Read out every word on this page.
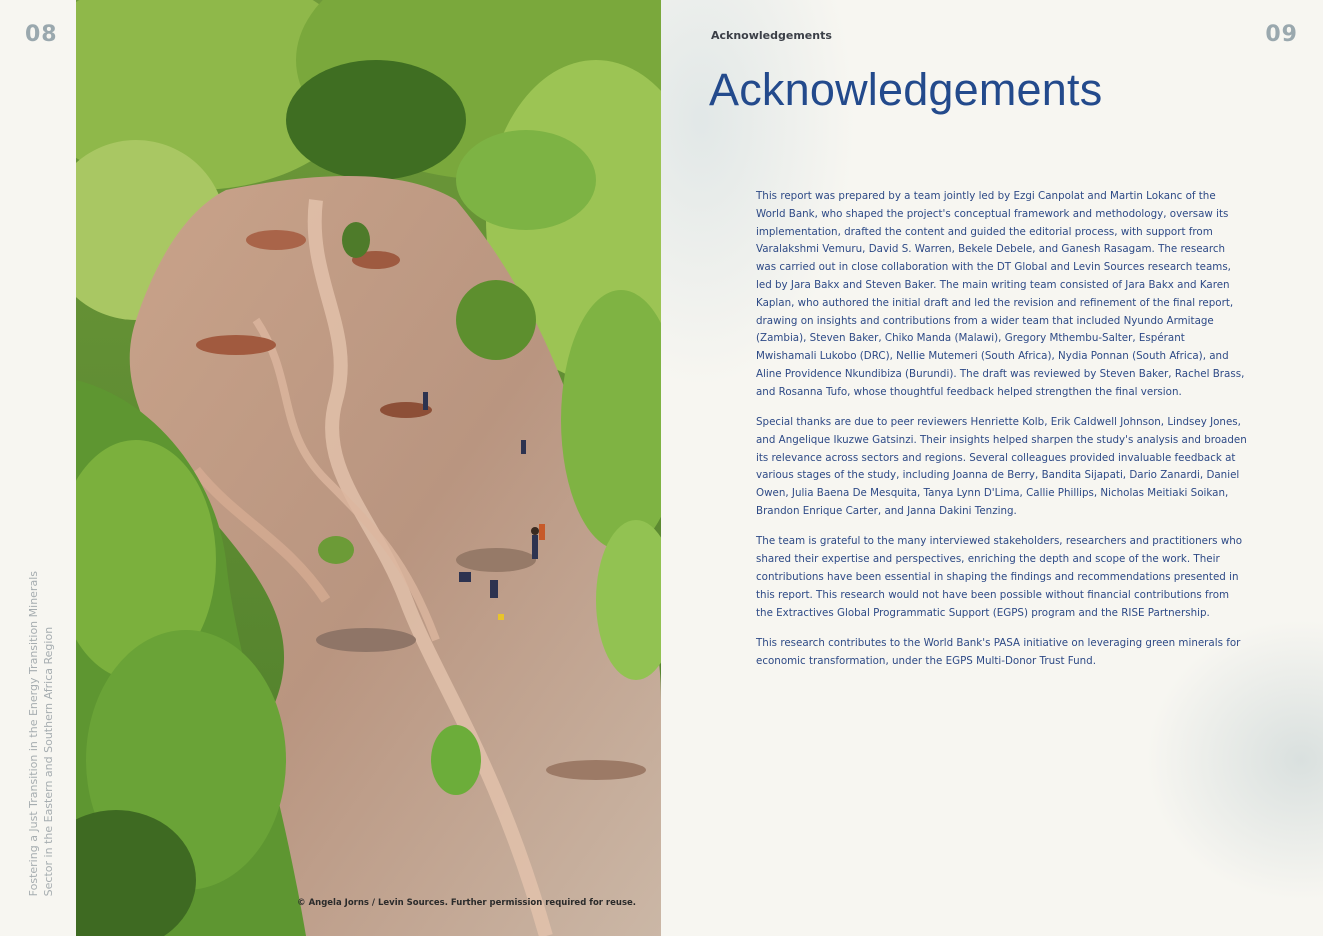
08
Fostering a Just Transition in the Energy Transition Minerals Sector in the Eastern and Southern Africa Region
© Angela Jorns / Levin Sources. Further permission required for reuse.
Acknowledgements	09
Acknowledgements

This report was prepared by a team jointly led by Ezgi Canpolat and Martin Lokanc of the World Bank, who shaped the project's conceptual framework and methodology, oversaw its implementation, drafted the content and guided the editorial process, with support from Varalakshmi Vemuru, David S. Warren, Bekele Debele, and Ganesh Rasagam. The research was carried out in close collaboration with the DT Global and Levin Sources research teams, led by Jara Bakx and Steven Baker. The main writing team consisted of Jara Bakx and Karen Kaplan, who authored the initial draft and led the revision and refinement of the final report, drawing on insights and contributions from a wider team that included Nyundo Armitage (Zambia), Steven Baker, Chiko Manda (Malawi), Gregory Mthembu-Salter, Espérant Mwishamali Lukobo (DRC), Nellie Mutemeri (South Africa), Nydia Ponnan (South Africa), and Aline Providence Nkundibiza (Burundi). The draft was reviewed by Steven Baker, Rachel Brass, and Rosanna Tufo, whose thoughtful feedback helped strengthen the final version.

Special thanks are due to peer reviewers Henriette Kolb, Erik Caldwell Johnson, Lindsey Jones, and Angelique Ikuzwe Gatsinzi. Their insights helped sharpen the study's analysis and broaden its relevance across sectors and regions. Several colleagues provided invaluable feedback at various stages of the study, including Joanna de Berry, Bandita Sijapati, Dario Zanardi, Daniel Owen, Julia Baena De Mesquita, Tanya Lynn D'Lima, Callie Phillips, Nicholas Meitiaki Soikan, Brandon Enrique Carter, and Janna Dakini Tenzing.

The team is grateful to the many interviewed stakeholders, researchers and practitioners who shared their expertise and perspectives, enriching the depth and scope of the work. Their contributions have been essential in shaping the findings and recommendations presented in this report. This research would not have been possible without financial contributions from the Extractives Global Programmatic Support (EGPS) program and the RISE Partnership.

This research contributes to the World Bank's PASA initiative on leveraging green minerals for economic transformation, under the EGPS Multi-Donor Trust Fund.
